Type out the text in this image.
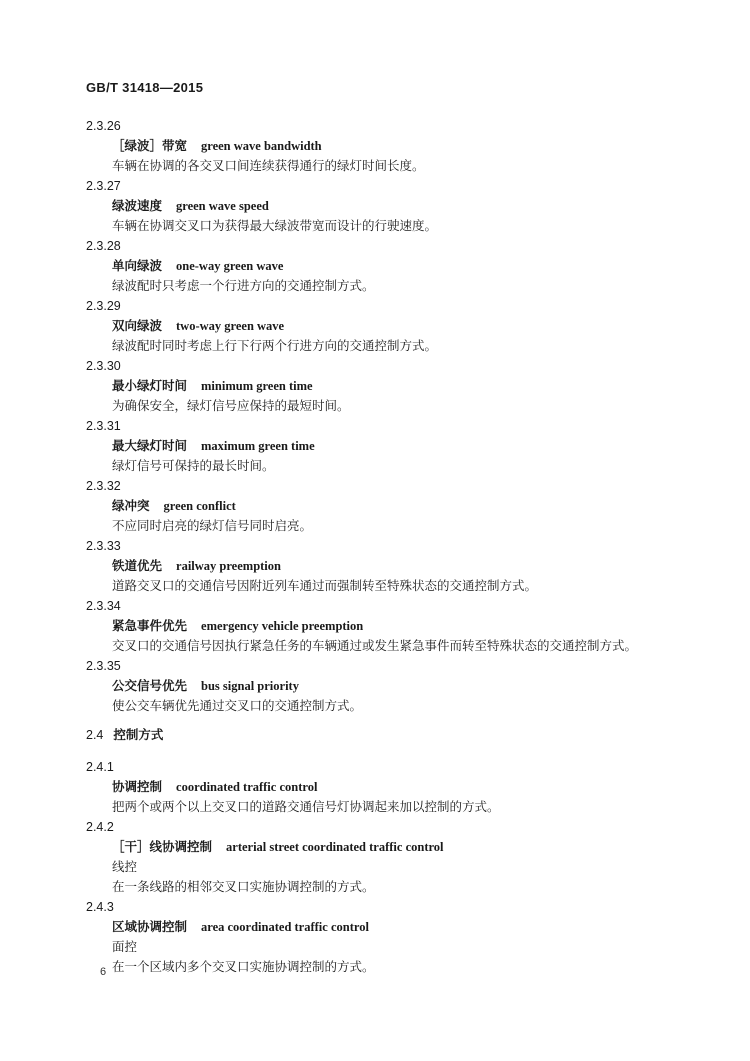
GB/T 31418—2015
2.3.26
［绿波］带宽 green wave bandwidth
车辆在协调的各交叉口间连续获得通行的绿灯时间长度。
2.3.27
绿波速度 green wave speed
车辆在协调交叉口为获得最大绿波带宽而设计的行驶速度。
2.3.28
单向绿波 one-way green wave
绿波配时只考虑一个行进方向的交通控制方式。
2.3.29
双向绿波 two-way green wave
绿波配时同时考虑上行下行两个行进方向的交通控制方式。
2.3.30
最小绿灯时间 minimum green time
为确保安全，绿灯信号应保持的最短时间。
2.3.31
最大绿灯时间 maximum green time
绿灯信号可保持的最长时间。
2.3.32
绿冲突 green conflict
不应同时启亮的绿灯信号同时启亮。
2.3.33
铁道优先 railway preemption
道路交叉口的交通信号因附近列车通过而强制转至特殊状态的交通控制方式。
2.3.34
紧急事件优先 emergency vehicle preemption
交叉口的交通信号因执行紧急任务的车辆通过或发生紧急事件而转至特殊状态的交通控制方式。
2.3.35
公交信号优先 bus signal priority
使公交车辆优先通过交叉口的交通控制方式。
2.4 控制方式
2.4.1
协调控制 coordinated traffic control
把两个或两个以上交叉口的道路交通信号灯协调起来加以控制的方式。
2.4.2
［干］线协调控制 arterial street coordinated traffic control
线控
在一条线路的相邻交叉口实施协调控制的方式。
2.4.3
区域协调控制 area coordinated traffic control
面控
在一个区域内多个交叉口实施协调控制的方式。
6
